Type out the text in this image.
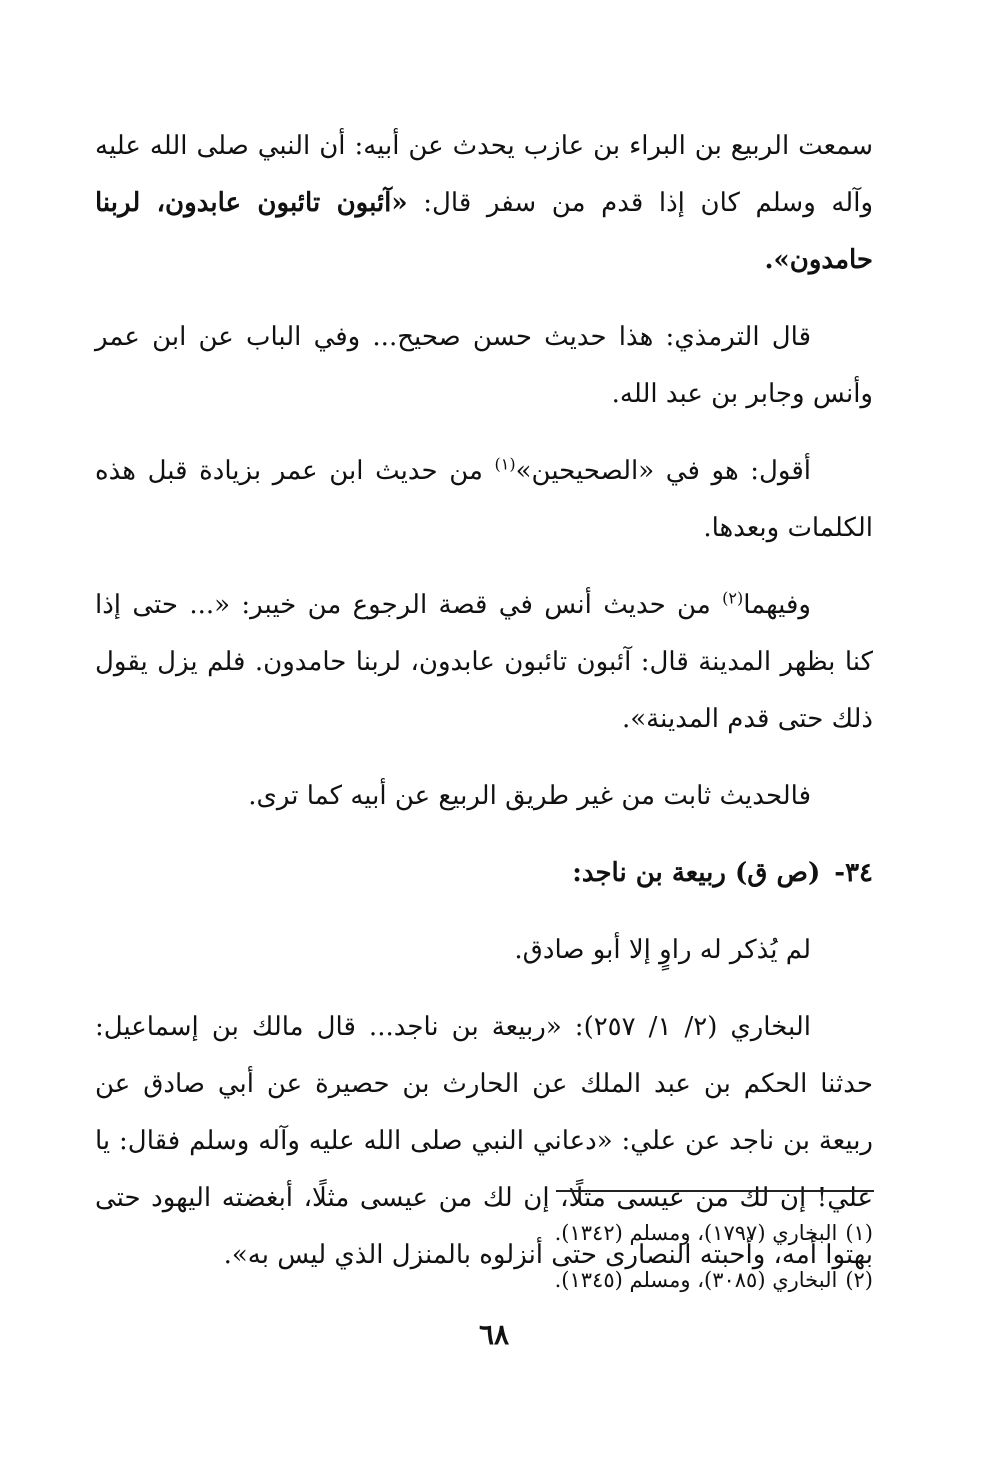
سمعت الربيع بن البراء بن عازب يحدث عن أبيه: أن النبي صلى الله عليه وآله وسلم كان إذا قدم من سفر قال: «آئبون تائبون عابدون، لربنا حامدون».

قال الترمذي: هذا حديث حسن صحيح... وفي الباب عن ابن عمر وأنس وجابر بن عبد الله.

أقول: هو في «الصحيحين»$^{(١)}$ من حديث ابن عمر بزيادة قبل هذه الكلمات وبعدها.

وفيهما$^{(٢)}$ من حديث أنس في قصة الرجوع من خيبر: «... حتى إذا كنا بظهر المدينة قال: آئبون تائبون عابدون، لربنا حامدون. فلم يزل يقول ذلك حتى قدم المدينة».

فالحديث ثابت من غير طريق الربيع عن أبيه كما ترى.

٣٤-(ص ق) ربيعة بن ناجد:

لم يُذكر له راوٍ إلا أبو صادق.

البخاري (٢/ ١/ ٢٥٧): «ربيعة بن ناجد... قال مالك بن إسماعيل: حدثنا الحكم بن عبد الملك عن الحارث بن حصيرة عن أبي صادق عن ربيعة بن ناجد عن علي: «دعاني النبي صلى الله عليه وآله وسلم فقال: يا علي! إن لك من عيسى مثلًا، إن لك من عيسى مثلًا، أبغضته اليهود حتى بهتوا أمه، وأحبته النصارى حتى أنزلوه بالمنزل الذي ليس به».

(١)البخاري (١٧٩٧)، ومسلم (١٣٤٢).

(٢)البخاري (٣٠٨٥)، ومسلم (١٣٤٥).

٦٨
